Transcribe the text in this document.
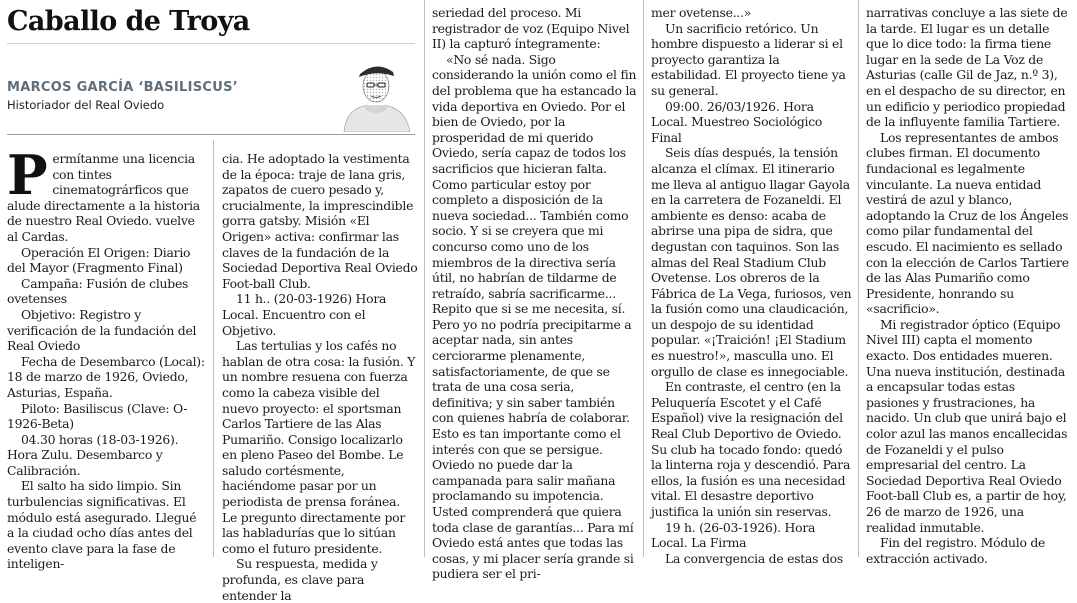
Caballo de Troya

MARCOS GARCÍA ‘BASILISCUS’

Historiador del Real Oviedo

Permítanme una licencia con tintes cinematográrficos que alude directamente a la historia de nuestro Real Oviedo. vuelve al Cardas.

Operación El Origen: Diario del Mayor (Fragmento Final)

Campaña: Fusión de clubes ovetenses

Objetivo: Registro y verificación de la fundación del Real Oviedo

Fecha de Desembarco (Local): 18 de marzo de 1926, Oviedo, Asturias, España.

Piloto: Basiliscus (Clave: O-1926-Beta)

04.30 horas (18-03-1926). Hora Zulu. Desembarco y Calibración.

El salto ha sido limpio. Sin turbulencias significativas. El módulo está asegurado. Llegué a la ciudad ocho días antes del evento clave para la fase de inteligen-

cia. He adoptado la vestimenta de la época: traje de lana gris, zapatos de cuero pesado y, crucialmente, la imprescindible gorra gatsby. Misión «El Origen» activa: confirmar las claves de la fundación de la Sociedad Deportiva Real Oviedo Foot-ball Club.

11 h.. (20-03-1926) Hora Local. Encuentro con el Objetivo.

Las tertulias y los cafés no hablan de otra cosa: la fusión. Y un nombre resuena con fuerza como la cabeza visible del nuevo proyecto: el sportsman Carlos Tartiere de las Alas Pumariño. Consigo localizarlo en pleno Paseo del Bombe. Le saludo cortésmente, haciéndome pasar por un periodista de prensa foránea. Le pregunto directamente por las habladurías que lo sitúan como el futuro presidente.

Su respuesta, medida y profunda, es clave para entender la

seriedad del proceso. Mi registrador de voz (Equipo Nivel II) la capturó íntegramente:

«No sé nada. Sigo considerando la unión como el fin del problema que ha estancado la vida deportiva en Oviedo. Por el bien de Oviedo, por la prosperidad de mi querido Oviedo, sería capaz de todos los sacrificios que hicieran falta. Como particular estoy por completo a disposición de la nueva sociedad... También como socio. Y si se creyera que mi concurso como uno de los miembros de la directiva sería útil, no habrían de tildarme de retraído, sabría sacrificarme... Repito que si se me necesita, sí. Pero yo no podría precipitarme a aceptar nada, sin antes cerciorarme plenamente, satisfactoriamente, de que se trata de una cosa seria, definitiva; y sin saber también con quienes habría de colaborar. Esto es tan importante como el interés con que se persigue. Oviedo no puede dar la campanada para salir mañana proclamando su impotencia. Usted comprenderá que quiera toda clase de garantías... Para mí Oviedo está antes que todas las cosas, y mi placer sería grande si pudiera ser el pri-

mer ovetense...»

Un sacrificio retórico. Un hombre dispuesto a liderar si el proyecto garantiza la estabilidad. El proyecto tiene ya su general.

09:00. 26/03/1926. Hora Local. Muestreo Sociológico Final

Seis días después, la tensión alcanza el clímax. El itinerario me lleva al antiguo llagar Gayola en la carretera de Fozaneldi. El ambiente es denso: acaba de abrirse una pipa de sidra, que degustan con taquinos. Son las almas del Real Stadium Club Ovetense. Los obreros de la Fábrica de La Vega, furiosos, ven la fusión como una claudicación, un despojo de su identidad popular. «¡Traición! ¡El Stadium es nuestro!», masculla uno. El orgullo de clase es innegociable.

En contraste, el centro (en la Peluquería Escotet y el Café Español) vive la resignación del Real Club Deportivo de Oviedo. Su club ha tocado fondo: quedó la linterna roja y descendió. Para ellos, la fusión es una necesidad vital. El desastre deportivo justifica la unión sin reservas.

19 h. (26-03-1926). Hora Local. La Firma

La convergencia de estas dos

narrativas concluye a las siete de la tarde. El lugar es un detalle que lo dice todo: la firma tiene lugar en la sede de La Voz de Asturias (calle Gil de Jaz, n.º 3), en el despacho de su director, en un edificio y periodico propiedad de la influyente familia Tartiere.

Los representantes de ambos clubes firman. El documento fundacional es legalmente vinculante. La nueva entidad vestirá de azul y blanco, adoptando la Cruz de los Ángeles como pilar fundamental del escudo. El nacimiento es sellado con la elección de Carlos Tartiere de las Alas Pumariño como Presidente, honrando su «sacrificio».

Mi registrador óptico (Equipo Nivel III) capta el momento exacto. Dos entidades mueren. Una nueva institución, destinada a encapsular todas estas pasiones y frustraciones, ha nacido. Un club que unirá bajo el color azul las manos encallecidas de Fozaneldi y el pulso empresarial del centro. La Sociedad Deportiva Real Oviedo Foot-ball Club es, a partir de hoy, 26 de marzo de 1926, una realidad inmutable.

Fin del registro. Módulo de extracción activado.
